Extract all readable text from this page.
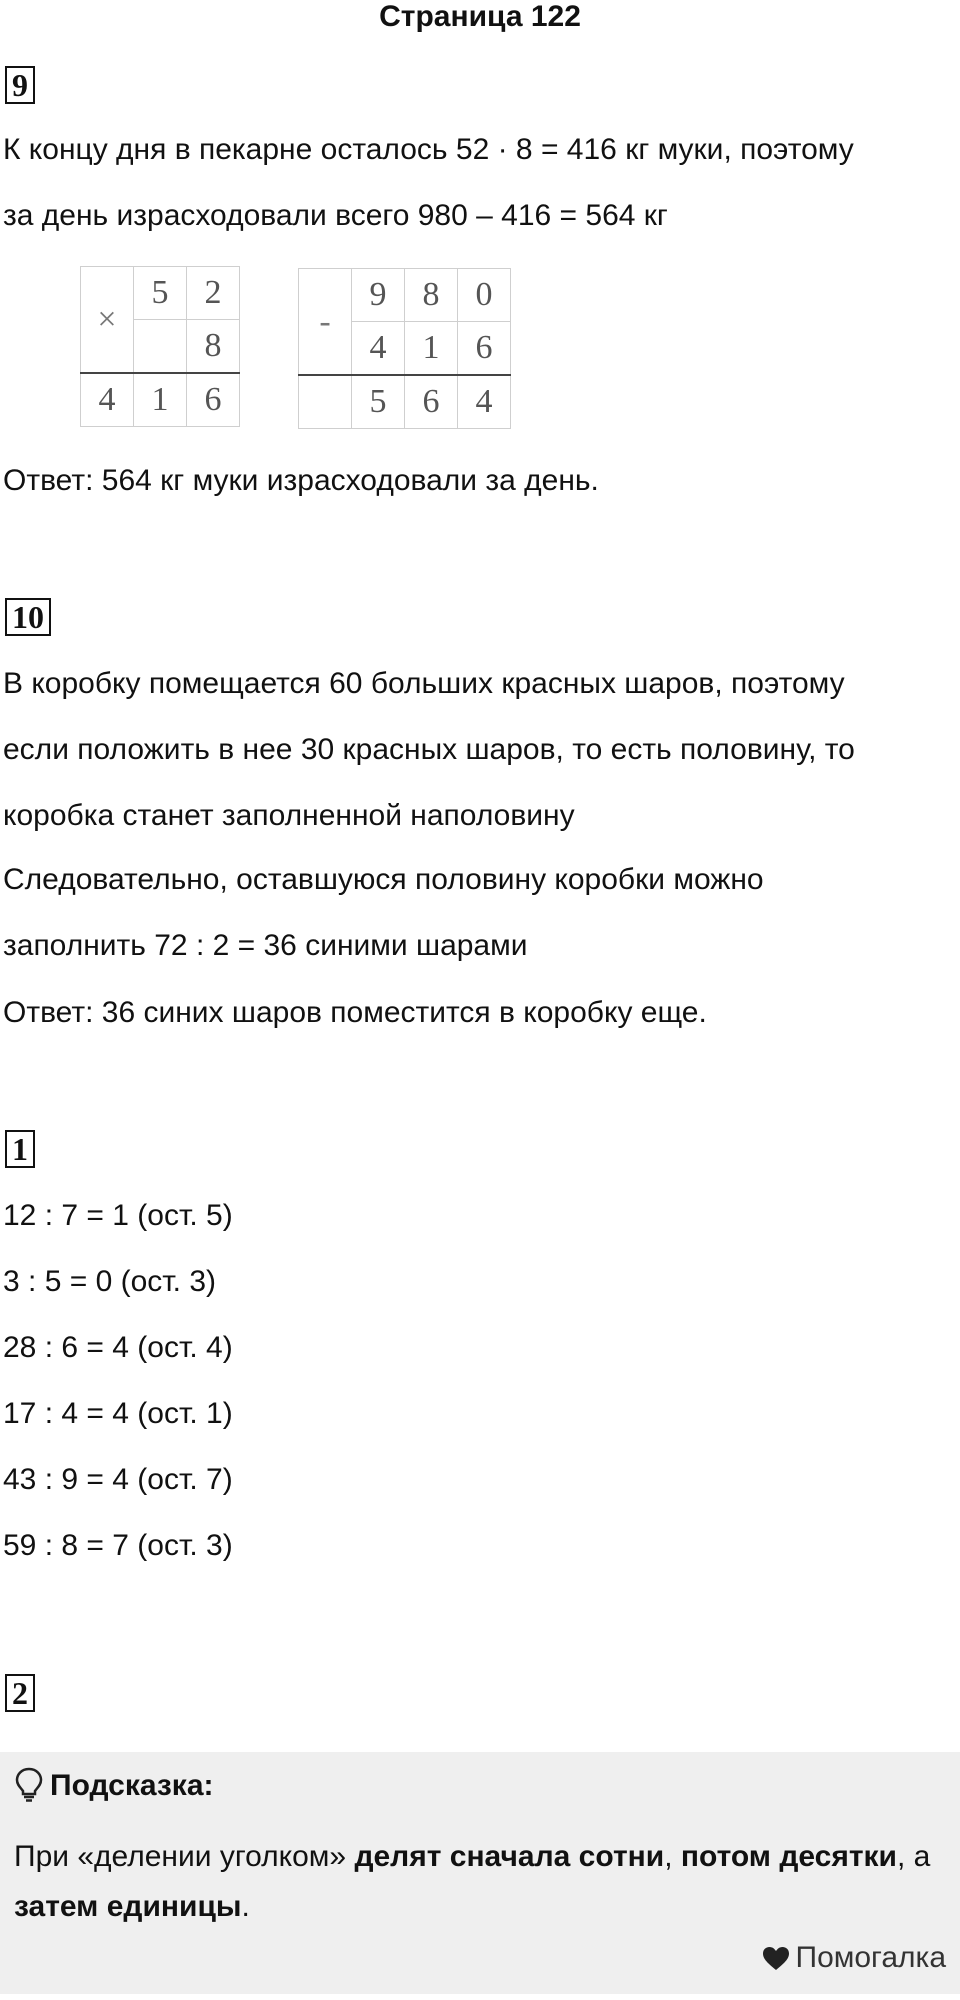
Страница 122
9
К концу дня в пекарне осталось 52 · 8 = 416 кг муки, поэтому
за день израсходовали всего 980 – 416 = 564 кг
×	5	2
		8
4	1	6
-	9	8	0
	4	1	6
	5	6	4
Ответ: 564 кг муки израсходовали за день.
10
В коробку помещается 60 больших красных шаров, поэтому
если положить в нее 30 красных шаров, то есть половину, то
коробка станет заполненной наполовину
Следовательно, оставшуюся половину коробки можно
заполнить 72 : 2 = 36 синими шарами
Ответ: 36 синих шаров поместится в коробку еще.
1
12 : 7 = 1 (ост. 5)
3 : 5 = 0 (ост. 3)
28 : 6 = 4 (ост. 4)
17 : 4 = 4 (ост. 1)
43 : 9 = 4 (ост. 7)
59 : 8 = 7 (ост. 3)
2
Подсказка:
При «делении уголком» делят сначала сотни, потом десятки, а затем единицы.
Помогалка
